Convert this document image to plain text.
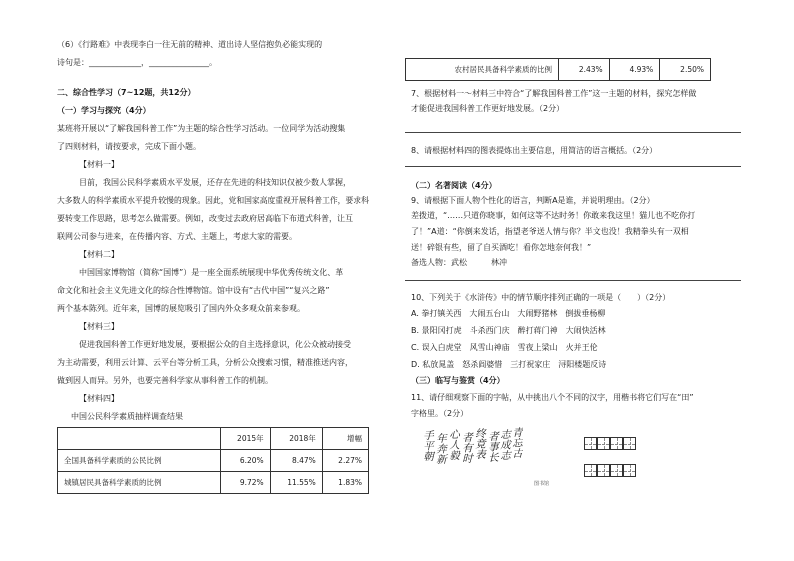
（6）《行路难》中表现李白一往无前的精神、道出诗人坚信抱负必能实现的
诗句是：_____________，_______________。
二、综合性学习（7~12题，共12分）
（一）学习与探究（4分）
某班将开展以“了解我国科普工作”为主题的综合性学习活动。一位同学为活动搜集
了四则材料，请按要求，完成下面小题。
【材料一】
目前，我国公民科学素质水平发展，还存在先进的科技知识仅被少数人掌握，
大多数人的科学素质水平提升较慢的现象。因此，党和国家高度重视开展科普工作，要求科
要转变工作思路，思考怎么做需要。例如，改变过去政府居高临下布道式科普，让互
联网公司参与进来，在传播内容、方式、主题上，考虑大家的需要。
【材料二】
中国国家博物馆（简称“国博”）是一座全面系统展现中华优秀传统文化、革
命文化和社会主义先进文化的综合性博物馆。馆中设有“古代中国”“复兴之路”
两个基本陈列。近年来，国博的展览吸引了国内外众多观众前来参观。
【材料三】
促进我国科普工作更好地发展，要根据公众的自主选择意识，化公众被动接受
为主动需要，利用云计算、云平台等分析工具，分析公众搜索习惯，精准推送内容，
做到因人而异。另外，也要完善科学家从事科普工作的机制。
【材料四】
中国公民科学素质抽样调查结果
	2015年	2018年	增幅
全国具备科学素质的公民比例	6.20%	8.47%	2.27%
城镇居民具备科学素质的比例	9.72%	11.55%	1.83%
农村居民具备科学素质的比例	2.43%	4.93%	2.50%
7、根据材料一～材料三中符合“了解我国科普工作”这一主题的材料，探究怎样做
才能促进我国科普工作更好地发展。（2分）
8、请根据材料四的图表提炼出主要信息，用简洁的语言概括。（2分）
（二）名著阅读（4分）
9、请根据下面人物个性化的语言，判断A是谁，并说明理由。（2分）
差拨道，“……只道你晓事，如何这等不达时务！你敢来我这里！猫儿也不吃你打
了！”A道：“你倒来发话，指望老爷送人情与你？半文也没！我精拳头有一双相
送！碎银有些，留了自买酒吃！看你怎地奈何我！”
备选人物：武松	林冲
10、下列关于《水浒传》中的情节顺序排列正确的一项是（　　）（2分）
A. 拳打镇关西　大闹五台山　大闹野猪林　倒拔垂杨柳
B. 景阳冈打虎　斗杀西门庆　醉打蒋门神　大闹快活林
C. 误入白虎堂　风雪山神庙　雪夜上梁山　火并王伦
D. 私放晁盖　怒杀阎婆惜　三打祝家庄　浔阳楼题反诗
（三）临写与鉴赏（4分）
11、请仔细观察下面的字帖，从中挑出八个不同的汉字，用楷书将它们写在“田”
字格里。（2分）
青忘古
志成志
者事长
终竟表
者有时
心人毅
年奔新
手平朝
图书馆
